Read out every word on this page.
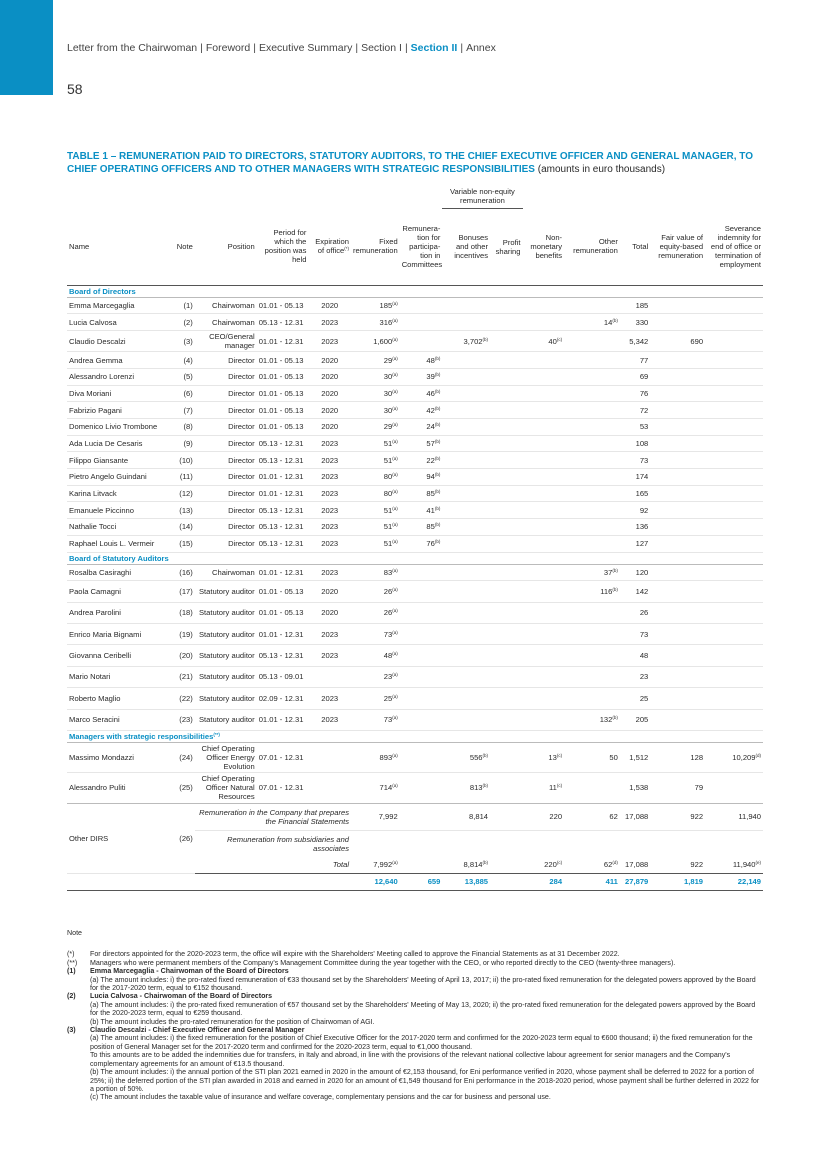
Letter from the Chairwoman | Foreword | Executive Summary | Section I | Section II | Annex
58
TABLE 1 – REMUNERATION PAID TO DIRECTORS, STATUTORY AUDITORS, TO THE CHIEF EXECUTIVE OFFICER AND GENERAL MANAGER, TO CHIEF OPERATING OFFICERS AND TO OTHER MANAGERS WITH STRATEGIC RESPONSIBILITIES (amounts in euro thousands)
							Variable non-equity remuneration						
Name	Note	Position	Period for which the position was held	Expiration of office(*)	Fixed remuneration	Remunera-tion for participa-tion in Committees	Bonuses and other incentives	Profit sharing	Non-monetary benefits	Other remuneration	Total	Fair value of equity-based remuneration	Severance indemnity for end of office or termination of employment
Board of Directors													
Emma Marcegaglia	(1)	Chairwoman	01.01 - 05.13	2020	185$^{(a)}$						185		
Lucia Calvosa	(2)	Chairwoman	05.13 - 12.31	2023	316$^{(a)}$					14$^{(b)}$	330		
Claudio Descalzi	(3)	CEO/General manager	01.01 - 12.31	2023	1,600$^{(a)}$		3,702$^{(b)}$		40$^{(c)}$		5,342	690	
Andrea Gemma	(4)	Director	01.01 - 05.13	2020	29$^{(a)}$	48$^{(b)}$					77		
Alessandro Lorenzi	(5)	Director	01.01 - 05.13	2020	30$^{(a)}$	39$^{(b)}$					69		
Diva Moriani	(6)	Director	01.01 - 05.13	2020	30$^{(a)}$	46$^{(b)}$					76		
Fabrizio Pagani	(7)	Director	01.01 - 05.13	2020	30$^{(a)}$	42$^{(b)}$					72		
Domenico Livio Trombone	(8)	Director	01.01 - 05.13	2020	29$^{(a)}$	24$^{(b)}$					53		
Ada Lucia De Cesaris	(9)	Director	05.13 - 12.31	2023	51$^{(a)}$	57$^{(b)}$					108		
Filippo Giansante	(10)	Director	05.13 - 12.31	2023	51$^{(a)}$	22$^{(b)}$					73		
Pietro Angelo Guindani	(11)	Director	01.01 - 12.31	2023	80$^{(a)}$	94$^{(b)}$					174		
Karina Litvack	(12)	Director	01.01 - 12.31	2023	80$^{(a)}$	85$^{(b)}$					165		
Emanuele Piccinno	(13)	Director	05.13 - 12.31	2023	51$^{(a)}$	41$^{(b)}$					92		
Nathalie Tocci	(14)	Director	05.13 - 12.31	2023	51$^{(a)}$	85$^{(b)}$					136		
Raphael Louis L. Vermeir	(15)	Director	05.13 - 12.31	2023	51$^{(a)}$	76$^{(b)}$					127		
Board of Statutory Auditors													
Rosalba Casiraghi	(16)	Chairwoman	01.01 - 12.31	2023	83$^{(a)}$					37$^{(b)}$	120		
Paola Camagni	(17)	Statutory auditor	01.01 - 05.13	2020	26$^{(a)}$					116$^{(b)}$	142		
Andrea Parolini	(18)	Statutory auditor	01.01 - 05.13	2020	26$^{(a)}$						26		
Enrico Maria Bignami	(19)	Statutory auditor	01.01 - 12.31	2023	73$^{(a)}$						73		
Giovanna Ceribelli	(20)	Statutory auditor	05.13 - 12.31	2023	48$^{(a)}$						48		
Mario Notari	(21)	Statutory auditor	05.13 - 09.01		23$^{(a)}$						23		
Roberto Maglio	(22)	Statutory auditor	02.09 - 12.31	2023	25$^{(a)}$						25		
Marco Seracini	(23)	Statutory auditor	01.01 - 12.31	2023	73$^{(a)}$					132$^{(b)}$	205		
Managers with strategic responsibilities(**)
Massimo Mondazzi	(24)	Chief Operating Officer Energy Evolution	07.01 - 12.31		893$^{(a)}$		556$^{(b)}$		13$^{(c)}$	50	1,512	128	10,209$^{(d)}$
Alessandro Puliti	(25)	Chief Operating Officer Natural Resources	07.01 - 12.31		714$^{(a)}$		813$^{(b)}$		11$^{(c)}$		1,538	79	
Other DIRS	(26)	Remuneration in the Company that prepares the Financial Statements			7,992		8,814		220	62	17,088	922	11,940
		Remuneration from subsidiaries and associates											
		Total			7,992$^{(a)}$		8,814$^{(b)}$		220$^{(c)}$	62$^{(d)}$	17,088	922	11,940$^{(e)}$
					12,640	659	13,885		284	411	27,879	1,819	22,149
Note
(*)	For directors appointed for the 2020-2023 term, the office will expire with the Shareholders' Meeting called to approve the Financial Statements as at 31 December 2022.
(**)	Managers who were permanent members of the Company's Management Committee during the year together with the CEO, or who reported directly to the CEO (twenty-three managers).
(1)	Emma Marcegaglia - Chairwoman of the Board of Directors
(a) The amount includes: i) the pro-rated fixed remuneration of €33 thousand set by the Shareholders' Meeting of April 13, 2017; ii) the pro-rated fixed remuneration for the delegated powers approved by the Board for the 2017-2020 term, equal to €152 thousand.
(2)	Lucia Calvosa - Chairwoman of the Board of Directors
(a) The amount includes: i) the pro-rated fixed remuneration of €57 thousand set by the Shareholders' Meeting of May 13, 2020; ii) the pro-rated fixed remuneration for the delegated powers approved by the Board for the 2020-2023 term, equal to €259 thousand.
(b) The amount includes the pro-rated remuneration for the position of Chairwoman of AGI.
(3)	Claudio Descalzi - Chief Executive Officer and General Manager
(a) The amount includes: i) the fixed remuneration for the position of Chief Executive Officer for the 2017-2020 term and confirmed for the 2020-2023 term equal to €600 thousand; ii) the fixed remuneration for the position of General Manager set for the 2017-2020 term and confirmed for the 2020-2023 term, equal to €1,000 thousand.
To this amounts are to be added the indemnities due for transfers, in Italy and abroad, in line with the provisions of the relevant national collective labour agreement for senior managers and the Company's complementary agreements for an amount of €13.5 thousand.
(b) The amount includes: i) the annual portion of the STI plan 2021 earned in 2020 in the amount of €2,153 thousand, for Eni performance verified in 2020, whose payment shall be deferred to 2022 for a portion of 25%; ii) the deferred portion of the STI plan awarded in 2018 and earned in 2020 for an amount of €1,549 thousand for Eni performance in the 2018-2020 period, whose payment shall be further deferred in 2022 for a portion of 50%.
(c) The amount includes the taxable value of insurance and welfare coverage, complementary pensions and the car for business and personal use.
